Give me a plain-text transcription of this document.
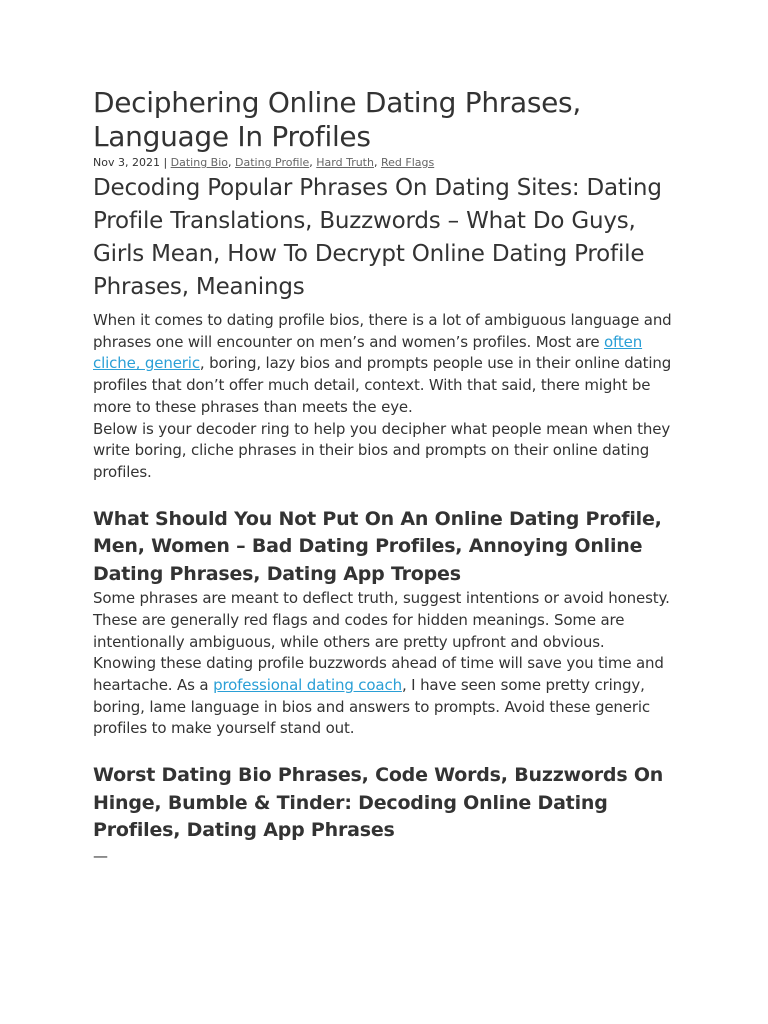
Deciphering Online Dating Phrases, Language In Profiles
Nov 3, 2021 | Dating Bio, Dating Profile, Hard Truth, Red Flags
Decoding Popular Phrases On Dating Sites: Dating Profile Translations, Buzzwords – What Do Guys, Girls Mean, How To Decrypt Online Dating Profile Phrases, Meanings

When it comes to dating profile bios, there is a lot of ambiguous language and phrases one will encounter on men’s and women’s profiles. Most are often cliche, generic, boring, lazy bios and prompts people use in their online dating profiles that don’t offer much detail, context. With that said, there might be more to these phrases than meets the eye.

Below is your decoder ring to help you decipher what people mean when they write boring, cliche phrases in their bios and prompts on their online dating profiles.

What Should You Not Put On An Online Dating Profile, Men, Women – Bad Dating Profiles, Annoying Online Dating Phrases, Dating App Tropes

Some phrases are meant to deflect truth, suggest intentions or avoid honesty. These are generally red flags and codes for hidden meanings. Some are intentionally ambiguous, while others are pretty upfront and obvious.

Knowing these dating profile buzzwords ahead of time will save you time and heartache. As a professional dating coach, I have seen some pretty cringy, boring, lame language in bios and answers to prompts. Avoid these generic profiles to make yourself stand out.

Worst Dating Bio Phrases, Code Words, Buzzwords On Hinge, Bumble & Tinder: Decoding Online Dating Profiles, Dating App Phrases

—
